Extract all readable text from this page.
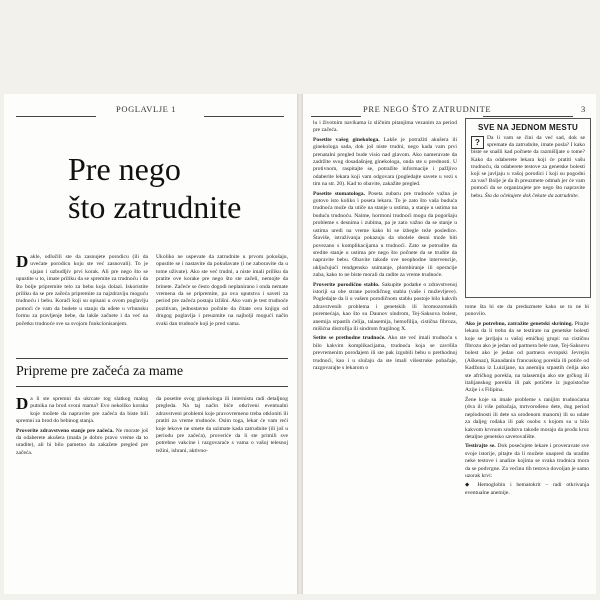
POGLAVLJE 1
Pre nego
što zatrudnite

Dakle, odlučili ste da zasnujete porodicu (ili da uvećate porodicu koju ste već zasnovali). To je sjajan i uzbudljiv prvi korak. Ali pre nego što se upustite u to, imate priliku da se spremite za trudnoću i da što bolje pripremite telo za bebu koja dolazi. Iskoristite priliku da se pre začeća pripremite za najzdraviju moguću trudnoću i bebu. Korači koji su opisani u ovom poglavlju pomoći će vam da budete u stanju da uđete u vrhunsku formu za pravljenje bebe, da lakše začnete i da već na početku trudnoće sve sa svojom funkcionisanjem.

Ukoliko ne uspevate da zatrudnite u prvom pokušaju, opustite se i nastavite da pokušavate (i ne zaboravite da u tome uživate). Ako ste već trudni, a niste imali priliku da pratite ove korake pre nego što ste začeli, nemojte da brinete. Začeće se često dogodi neplanirano i onda nemate vremena da se pripremite, pa ova uputstva i saveti za period pre začeća postaju izlišni. Ako vam je test trudnoće pozitivan, jednostavno počnite da čitate ovu knjigu od drugog poglavlja i preuzmite na najbolji mogući način svaki dan trudnoće koji je pred vama.

Pripreme pre začeća za mame

Da li ste spremni da ukrcate tog slatkog malog putnika na brod svoni mama? Evo nekoliko koraka koje možete da napravite pre začeća da biste bili spremni za brod do bebinog stanja.

Proverite zdravstveno stanje pre začeća. Ne morate još da odaberete akušera (mada je dobro pravo vreme da to uradite), ali bi bilo pametno da zakažete pregled pre začeća.

da posetite svog ginekologa ili internistu radi detaljnog pregleda. Na taj način biće otkriveni eventualni zdravstveni problemi koje pravovremeno treba otkloniti ili pratiti za vreme trudnoće. Osim toga, lekar će vam reći koje lekove ne smete da uzimate kada zatrudnite (ili još u periodu pre začeća), proveriće da li ste primili sve potrebne vakcine i razgovaraće s vama o vašoj telesnoj težini, ishrani, aktivno-

PRE NEGO ŠTO ZATRUDNITE	3

lu i životnim navikama iz sličnim pitanjima vezanim za period pre začeća.

Posetite vašeg ginekologa. Lakše je potražiti akušera ili ginekologa sada, dok još niste trudni, nego kada vam prvi prenatalni pregled bude visio nad glavom. Ako nameravate da zadržite svog dosadašnjeg ginekologa, onda ste u prednosti. U protivnom, raspitajte se, potražite informacije i pažljivo odaberite lekara koji vam odgovara (pogledajte savete u vezi s tim na str. 20). Kad to obavite, zakažite pregled.

Posetite stomatologa. Poseta zubaru pre trudnoće važna je gotovo isto koliko i poseta lekaru. To je zato što vaša buduća trudnoća može da utiče na stanje u ustima, a stanje u ustima na buduću trudnoću. Naime, hormoni trudnoći mogu da pogoršaju probleme s desnima i zubima, pa je zato važno da se stanje u ustima uredi na vreme kako bi se izbegle teže posledice. Štaviše, istraživanja pokazuju da obolele desni može biti povezano s komplikacijama u trudnoći. Zato se potrudite da sredite stanje u ustima pre nego što počnete da se trudite da napravite bebu. Obavite takođe sve neophodne intervencije, uključujući rendgensko snimanje, plombiranje ili operacije zuba, kako to ne biste morali da radite za vreme trudnoće.

Proverite porodično stablo. Sakupite podatke o zdravstvenoj istoriji sa obe strane porodičnog stabla (vaše i muževljeve). Pogledajte da li u vašem porodičnom stablu postoje bilo kakvih zdravstvenih problema i genetskih ili hromozomskih poremećaja, kao što su Daunov sindrom, Tej-Saksova bolest, anemija srpastih ćelija, talasemija, hemofilija, cistična fibroza, mišićna distrofija ili sindrom fragilnog X.

Setite se prethodne trudnoće. Ako ste već imali trudnoću s bilo kakvim komplikacijama, trudnoća koja se završila prevremenim porođajem ili ste pak izgubili bebu u prethodnoj trudnoći, kao i u slučaju da ste imali višestruke pobačaje, razgovarajte s lekarom o

SVE NA JEDNOM MESTU
?	Da li vam se čini da već sad, dok se spremate da zatrudnite, imate posla? I kako biste se snašli kad počnete da razmišljate o tome? Kako da odaberete lekara koji će pratiti vašu trudnoću, da odaberete testove za genetske bolesti koji se javljaju u vašoj porodici i koji su pogodni za vas? Bolje je da ih preuzmete odmah jer će vam pomoći da se organizujete pre nego što napravite bebu. Šta da očekujete dok čekate da zatrudnite.

tome šta bi ste da preduzmete kako se to ne bi ponovilo.

Ako je potrebno, zatražite genetski skrining. Pitajte lekara da li treba da se testirate na genetske bolesti koje se javljaju u vašoj etničkoj grupi: na cističnu fibrozu ako je jedan od partnera bele rase, Tej-Saksovu bolest ako je jedan od partnera evropski Jevrejin (Aškenaz), Kanadanin francuskog porekla ili potiče od Kadžuna iz Luizijane, na anemiju srpastih ćelija ako ste afričkog porekla, na talasemiju ako ste grčkog ili italijanskog porekla ili pak potičete iz jugoistočne Azije i s Filipina.

Žene koje su imale probleme s ranijim trudnoćama (dva ili više pobačaja, mrtvorođeno dete, dug period neplodnosti ili dete sa urođenom manom) ili su udate za daljeg rođaka ili pak osobu s kojom su u bilo kakvom krvnom srodstvu takođe moraju da prođu kroz detaljne genetsko savetovalište.

Testirajte se. Dok posećujete lekare i proveravate sve svoje istorije, pitajte da li možete unapred da uradite neke testove i analize kojima se svaka trudnica mora da se podvrgne. Za većinu tih testova dovoljan je samo uzorak krvi:

◆ Hemoglobin i hematokrit – radi otkrivanja eventualne anemije.
